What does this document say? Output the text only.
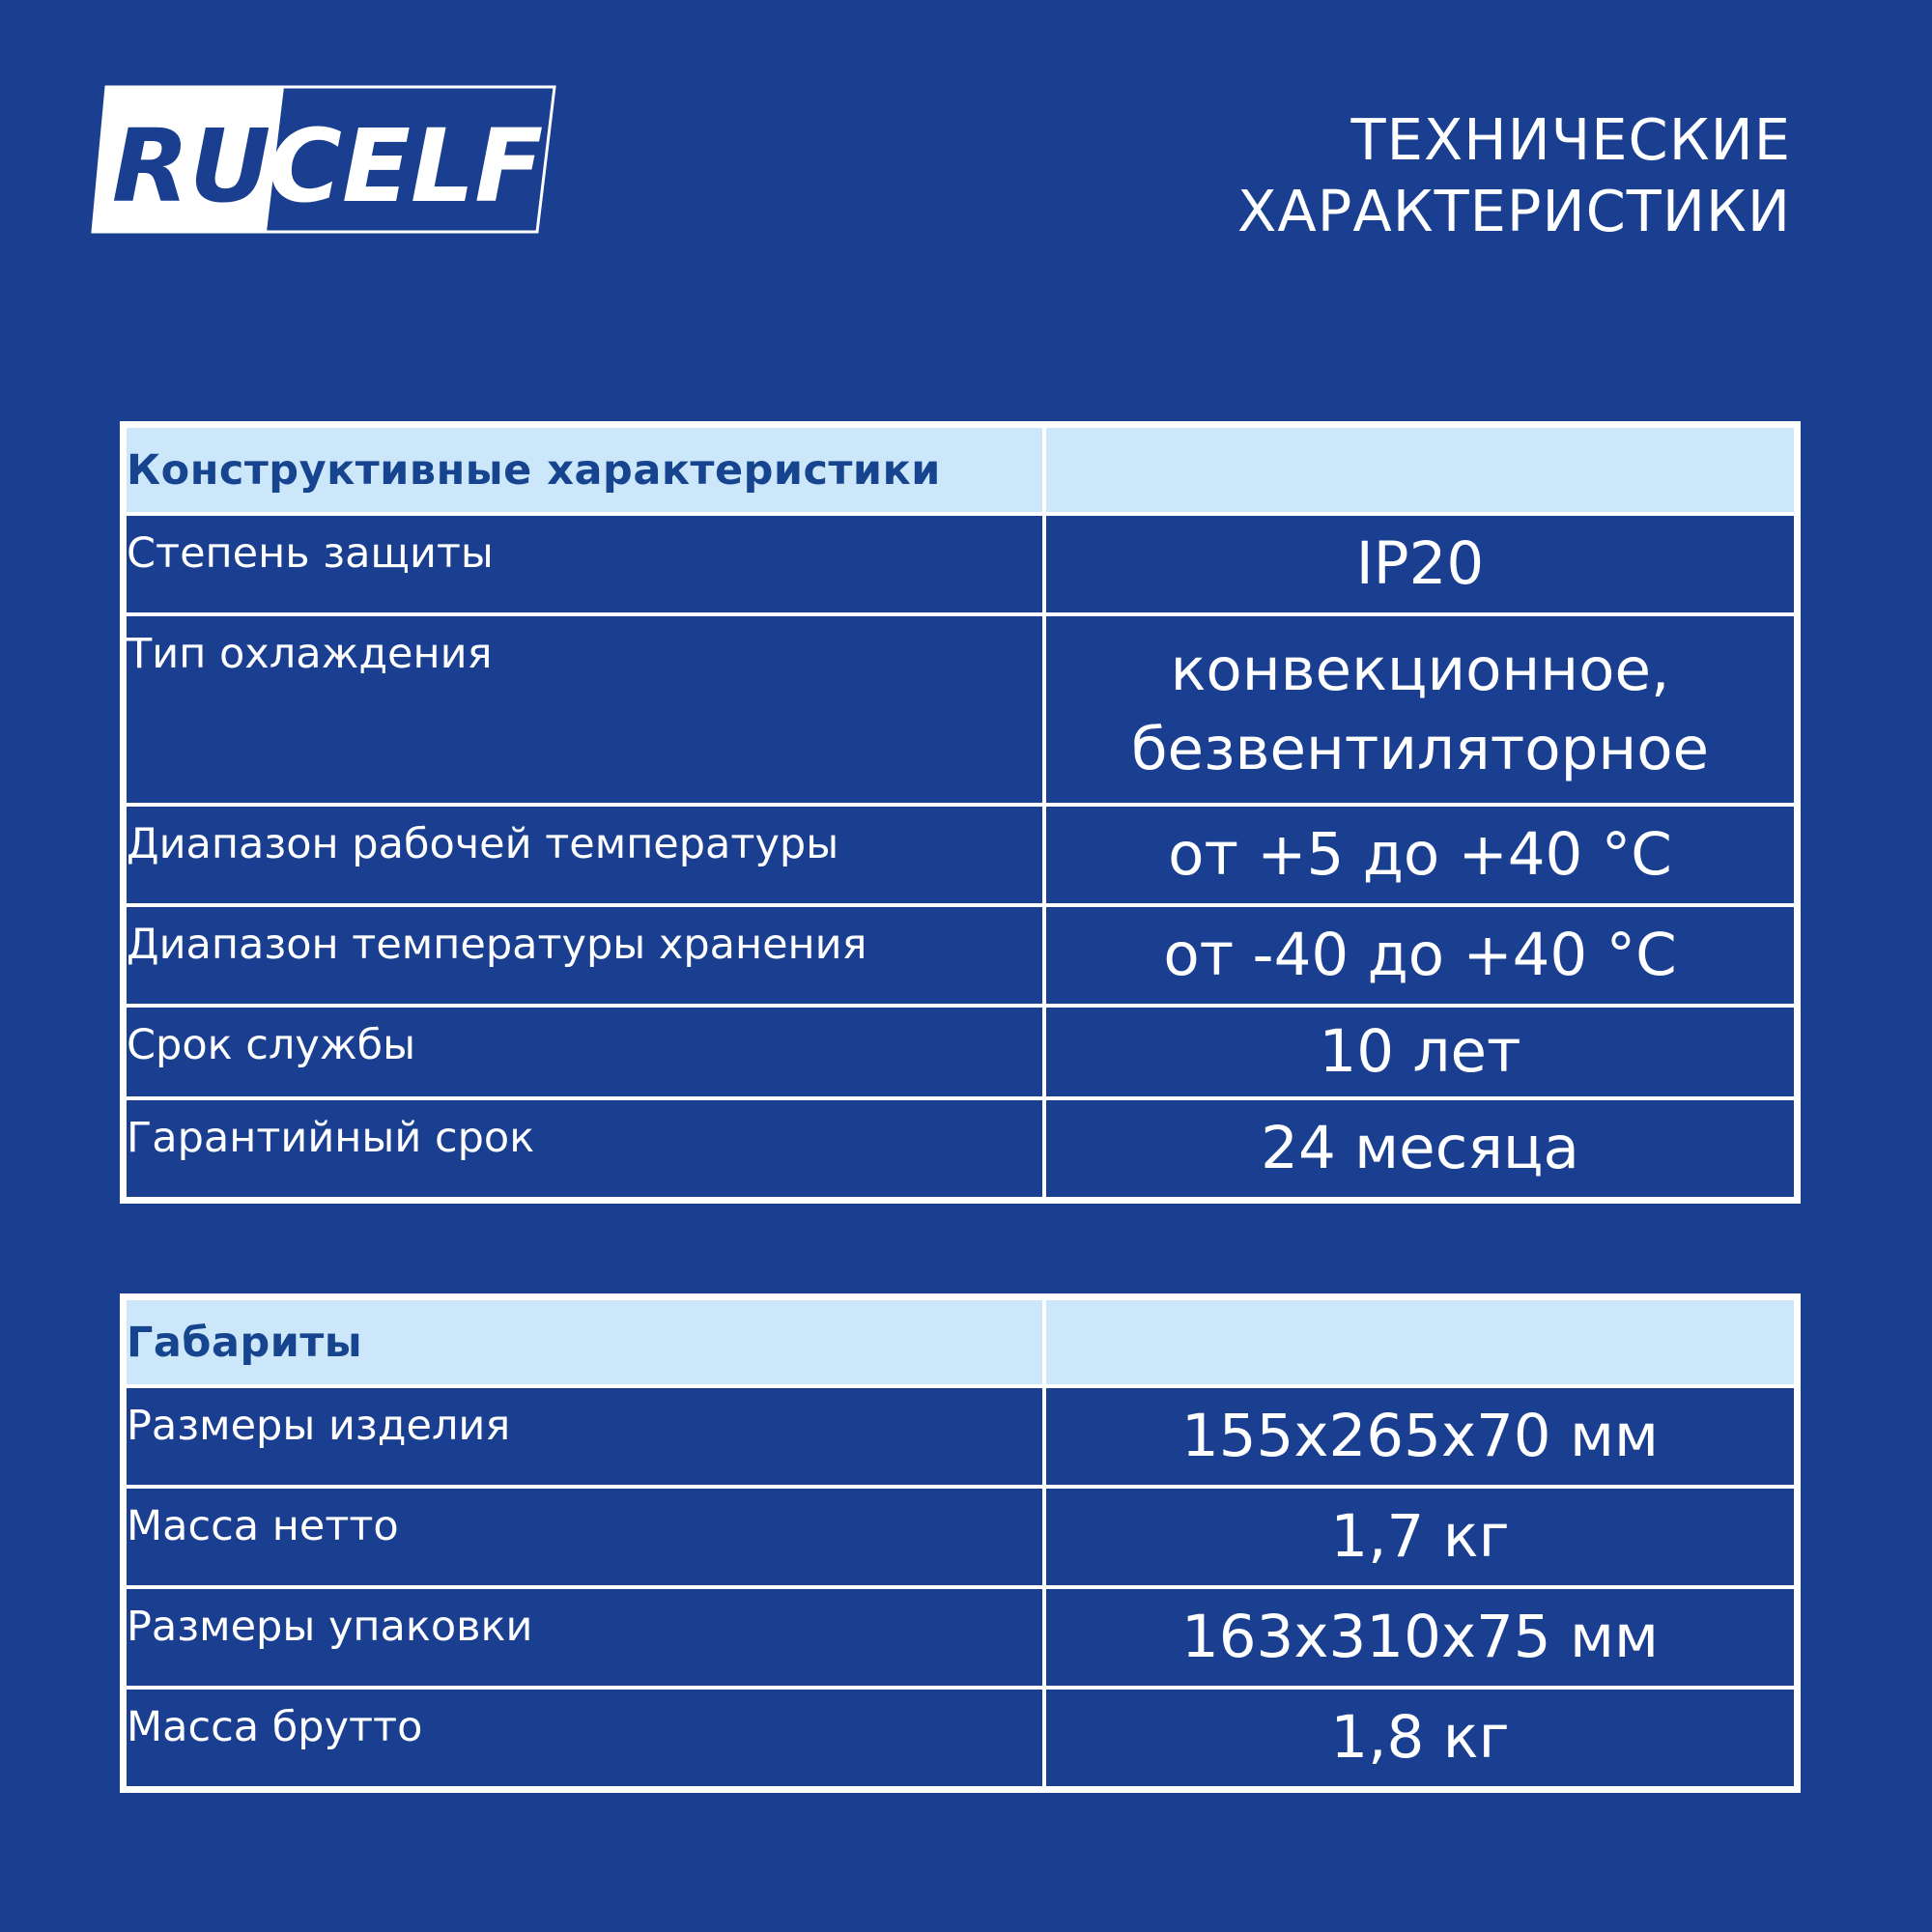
RU
CELF	ТЕХНИЧЕСКИЕ
ХАРАКТЕРИСТИКИ
Конструктивные характеристики	
Степень защиты	IP20
Тип охлаждения	конвекционное,
безвентиляторное

Диапазон рабочей температуры	от +5 до +40 °С
Диапазон температуры хранения	от -40 до +40 °С
Срок службы	10 лет
Гарантийный срок	24 месяца
Габариты	
Размеры изделия	155х265х70 мм
Масса нетто	1,7 кг
Размеры упаковки	163х310х75 мм
Масса брутто	1,8 кг
